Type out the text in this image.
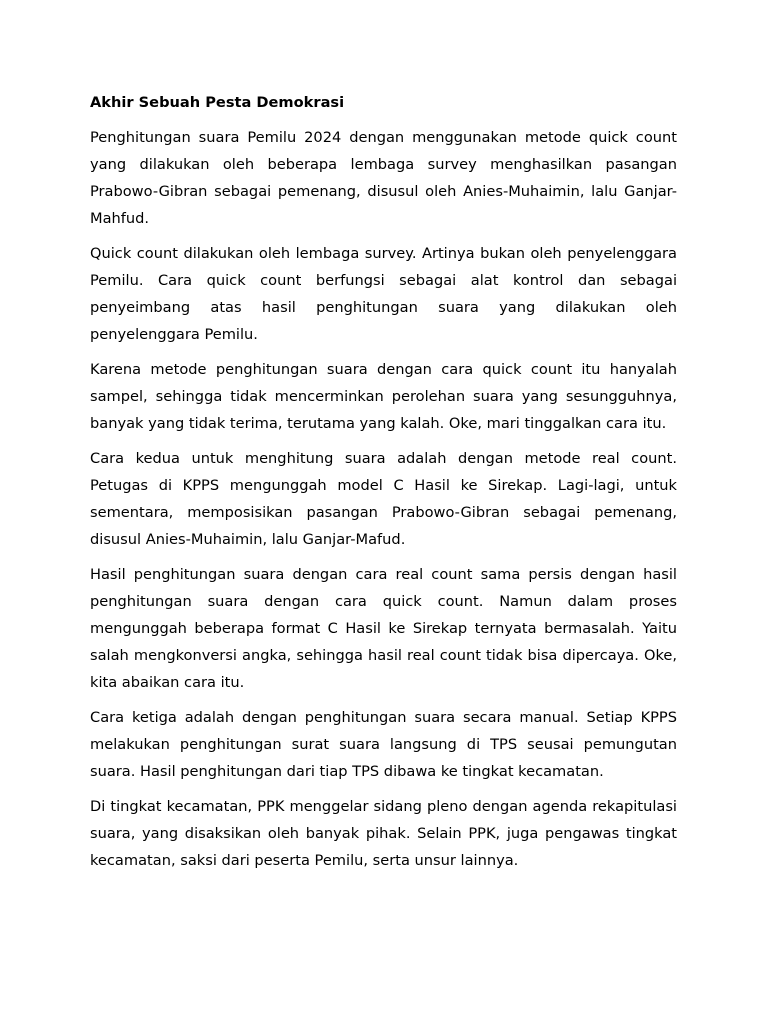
Akhir Sebuah Pesta Demokrasi

Penghitungan suara Pemilu 2024 dengan menggunakan metode quick count yang dilakukan oleh beberapa lembaga survey menghasilkan pasangan Prabowo-Gibran sebagai pemenang, disusul oleh Anies-Muhaimin, lalu Ganjar-Mahfud.

Quick count dilakukan oleh lembaga survey. Artinya bukan oleh penyelenggara Pemilu. Cara quick count berfungsi sebagai alat kontrol dan sebagai penyeimbang atas hasil penghitungan suara yang dilakukan oleh penyelenggara Pemilu.

Karena metode penghitungan suara dengan cara quick count itu hanyalah sampel, sehingga tidak mencerminkan perolehan suara yang sesungguhnya, banyak yang tidak terima, terutama yang kalah. Oke, mari tinggalkan cara itu.

Cara kedua untuk menghitung suara adalah dengan metode real count. Petugas di KPPS mengunggah model C Hasil ke Sirekap. Lagi-lagi, untuk sementara, memposisikan pasangan Prabowo-Gibran sebagai pemenang, disusul Anies-Muhaimin, lalu Ganjar-Mafud.

Hasil penghitungan suara dengan cara real count sama persis dengan hasil penghitungan suara dengan cara quick count. Namun dalam proses mengunggah beberapa format C Hasil ke Sirekap ternyata bermasalah. Yaitu salah mengkonversi angka, sehingga hasil real count tidak bisa dipercaya. Oke, kita abaikan cara itu.

Cara ketiga adalah dengan penghitungan suara secara manual. Setiap KPPS melakukan penghitungan surat suara langsung di TPS seusai pemungutan suara. Hasil penghitungan dari tiap TPS dibawa ke tingkat kecamatan.

Di tingkat kecamatan, PPK menggelar sidang pleno dengan agenda rekapitulasi suara, yang disaksikan oleh banyak pihak. Selain PPK, juga pengawas tingkat kecamatan, saksi dari peserta Pemilu, serta unsur lainnya.
